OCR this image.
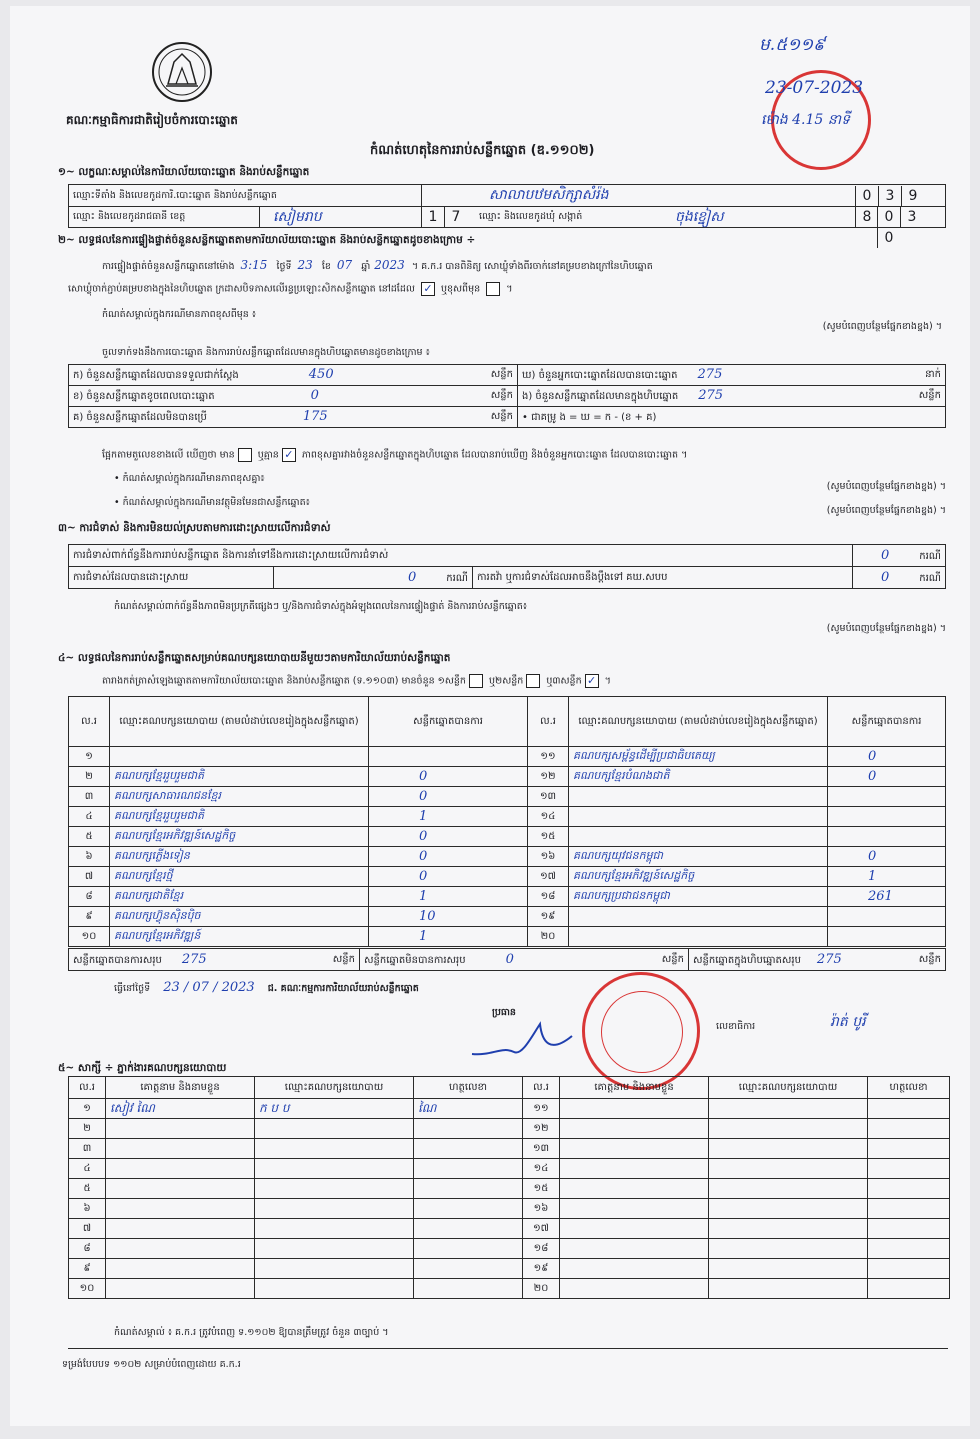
គណៈកម្មាធិការជាតិរៀបចំការបោះឆ្នោត
ម.៥១១៩
23-07-2023
ម៉ោង 4.15 នាទី
កំណត់ហេតុនៃការរាប់សន្លឹកឆ្នោត (ឌ.១១០២)
១~ លក្ខណៈសម្គាល់នៃការិយាល័យបោះឆ្នោត និងរាប់សន្លឹកឆ្នោត
ឈ្មោះទីតាំង និងលេខកូដការិ.បោះឆ្នោត និងរាប់សន្លឹកឆ្នោត	សាលាបឋមសិក្សាសំរ៉ង	0 3 98
ឈ្មោះ និងលេខកូដរាជធានី ខេត្ត	សៀមរាប	1 7	ឈ្មោះ និងលេខកូដឃុំ សង្កាត់	ចុងខ្នៀស	0 30
២~ លទ្ធផលនៃការផ្ទៀងផ្ទាត់ចំនួនសន្លឹកឆ្នោតតាមការិយាល័យបោះឆ្នោត និងរាប់សន្លឹកឆ្នោតដូចខាងក្រោម ÷
ការផ្ទៀងផ្ទាត់ចំនួនសន្លឹកឆ្នោតនៅម៉ោង 3:15 ថ្ងៃទី 23 ខែ 07 ឆ្នាំ 2023 ។ គ.ក.រ បានពិនិត្យ សោឃ្លុំទាំងពីរចាក់នៅគម្របខាងក្រៅនៃហិបឆ្នោត
សោឃ្លុំចាក់ភ្ជាប់គម្របខាងក្នុងនៃហិបឆ្នោត ក្រដាសបិទភាសលើរន្ធប្រឡោះសិកសន្លឹកឆ្នោត នៅដដែល ✓ ឬខុសពីមុន  ។
កំណត់សម្គាល់ក្នុងករណីមានភាពខុសពីមុន ៖
(សូមបំពេញបន្ថែមផ្នែកខាងខ្នង) ។
ចួលទាក់ទងនឹងការបោះឆ្នោត និងការរាប់សន្លឹកឆ្នោតដែលមានក្នុងហិបឆ្នោតមានដូចខាងក្រោម ៖
ក) ចំនួនសន្លឹកឆ្នោតដែលបានទទួលជាក់ស្ដែង 450 សន្លឹក	ឃ) ចំនួនអ្នកបោះឆ្នោតដែលបានបោះឆ្នោត 275 នាក់

ខ) ចំនួនសន្លឹកឆ្នោតខូចពេលបោះឆ្នោត 0 សន្លឹក	ង) ចំនួនសន្លឹកឆ្នោតដែលមានក្នុងហិបឆ្នោត 275 សន្លឹក

គ) ចំនួនសន្លឹកឆ្នោតដែលមិនបានប្រើ 175 សន្លឹក	• ជាគម្រូ ង = ឃ = ក - (ខ + គ)
ផ្អែកតាមតួលេខខាងលើ ឃើញថា មាន ឬគ្មាន ✓ ភាពខុសគ្នារវាងចំនួនសន្លឹកឆ្នោតក្នុងហិបឆ្នោត ដែលបានរាប់ឃើញ និងចំនួនអ្នកបោះឆ្នោត ដែលបានបោះឆ្នោត ។
• កំណត់សម្គាល់ក្នុងករណីមានភាពខុសគ្នា៖
(សូមបំពេញបន្ថែមផ្នែកខាងខ្នង) ។
• កំណត់សម្គាល់ក្នុងករណីមានវត្ថុមិនមែនជាសន្លឹកឆ្នោត៖
(សូមបំពេញបន្ថែមផ្នែកខាងខ្នង) ។
៣~ ការជំទាស់ និងការមិនយល់ស្របតាមការដោះស្រាយលើការជំទាស់
ការជំទាស់ពាក់ព័ន្ធនឹងការរាប់សន្លឹកឆ្នោត និងការនាំទៅនឹងការដោះស្រាយលើការជំទាស់			0 ករណី
ការជំទាស់ដែលបានដោះស្រាយ	0 ករណី	ការតវ៉ា ឬការជំទាស់ដែលអាចនឹងប្ដឹងទៅ គឃ.សបប	0 ករណី
កំណត់សម្គាល់ពាក់ព័ន្ធនឹងភាពមិនប្រក្រតីផ្សេងៗ ឬ/និងការជំទាស់ក្នុងអំឡុងពេលនៃការផ្ទៀងផ្ទាត់ និងការរាប់សន្លឹកឆ្នោត៖
(សូមបំពេញបន្ថែមផ្នែកខាងខ្នង) ។
៤~ លទ្ធផលនៃការរាប់សន្លឹកឆ្នោតសម្រាប់គណបក្សនយោបាយនីមួយៗតាមការិយាល័យរាប់សន្លឹកឆ្នោត
តារាងកត់ត្រាសំឡេងឆ្នោតតាមការិយាល័យបោះឆ្នោត និងរាប់សន្លឹកឆ្នោត (ទ.១១០៣) មានចំនួន ១សន្លឹក ឬ២សន្លឹក ឬ៣សន្លឹក ✓ ។
ល.រ	ឈ្មោះគណបក្សនយោបាយ (តាមលំដាប់លេខរៀងក្នុងសន្លឹកឆ្នោត)	សន្លឹកឆ្នោតបានការ	ល.រ	ឈ្មោះគណបក្សនយោបាយ (តាមលំដាប់លេខរៀងក្នុងសន្លឹកឆ្នោត)	សន្លឹកឆ្នោតបានការ
១			១១	គណបក្សសម្ព័ន្ធដើម្បីប្រជាធិបតេយ្យ	0
២	គណបក្សខ្មែររួបរួមជាតិ	0	១២	គណបក្សខ្មែរបំណងជាតិ	0
៣	គណបក្សសាធារណជនខ្មែរ	0	១៣		
៤	គណបក្សខ្មែររួបរួមជាតិ	1	១៤		
៥	គណបក្សខ្មែរអភិវឌ្ឍន៍សេដ្ឋកិច្ច	0	១៥		
៦	គណបក្សភ្លើងទៀន	0	១៦	គណបក្សយុវជនកម្ពុជា	0
៧	គណបក្សខ្មែរថ្មី	0	១៧	គណបក្សខ្មែរអភិវឌ្ឍន៍សេដ្ឋកិច្ច	1
៨	គណបក្សជាតិខ្មែរ	1	១៨	គណបក្សប្រជាជនកម្ពុជា	261
៩	គណបក្សហ៊្វុនស៊ិនប៉ិច	10	១៩		
១០	គណបក្សខ្មែរអភិវឌ្ឍន៍	1	២០		
សន្លឹកឆ្នោតបានការសរុប 275	សន្លឹក	សន្លឹកឆ្នោតមិនបានការសរុប	0	សន្លឹក	សន្លឹកឆ្នោតក្នុងហិបឆ្នោតសរុប 275	សន្លឹក
ធ្វើនៅថ្ងៃទី 23 / 07 / 2023 ជ. គណៈកម្មការការិយាល័យរាប់សន្លឹកឆ្នោត
ប្រធាន
លេខាធិការ	រ៉ាត់ បូរី
៥~ សាក្សី ÷ ភ្នាក់ងារគណបក្សនយោបាយ
ល.រ	គោត្តនាម និងនាមខ្លួន	ឈ្មោះគណបក្សនយោបាយ	ហត្ថលេខា	ល.រ	គោត្តនាម និងនាមខ្លួន	ឈ្មោះគណបក្សនយោបាយ	ហត្ថលេខា
១	សៀវ ណៃ	ក ប ប	ណៃ	១១			
២				១២			
៣				១៣			
៤				១៤			
៥				១៥			
៦				១៦			
៧				១៧			
៨				១៨			
៩				១៩			
១០				២០			
កំណត់សម្គាល់ ៖ គ.ក.រ ត្រូវបំពេញ ទ.១១០២ ឱ្យបានត្រឹមត្រូវ ចំនួន ៣ច្បាប់ ។
ទម្រង់បែបបទ ១១០២ សម្រាប់បំពេញដោយ គ.ក.រ
